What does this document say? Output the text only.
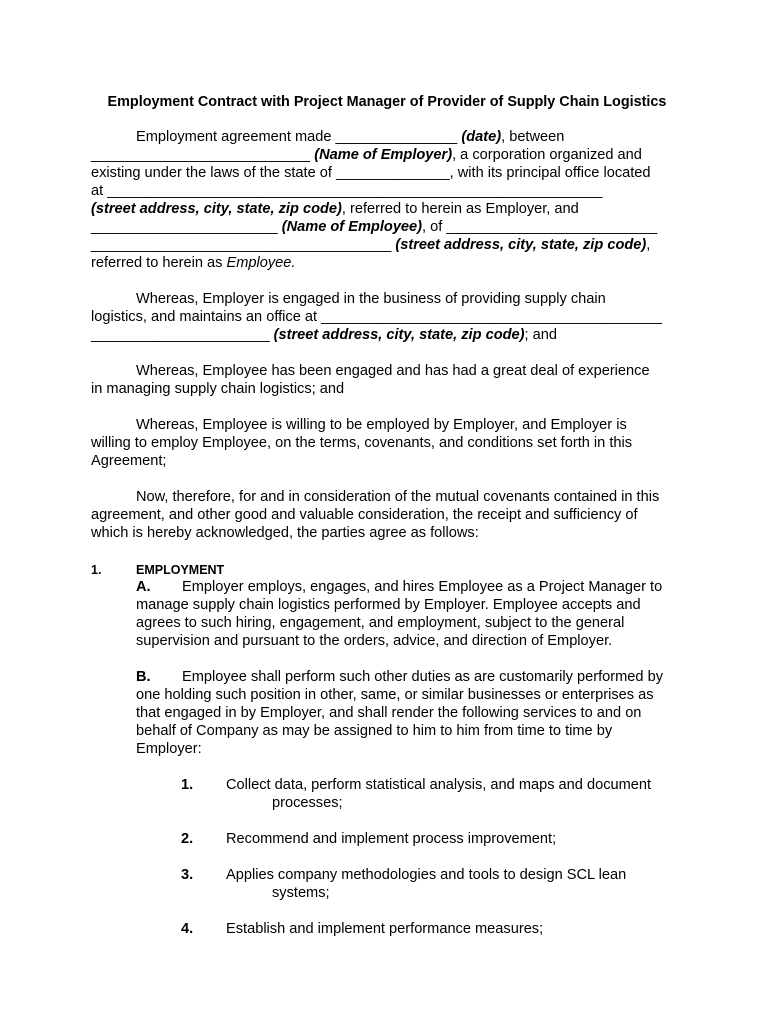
Employment Contract with Project Manager of Provider of Supply Chain Logistics
Employment agreement made _______________ (date), between
___________________________ (Name of Employer), a corporation organized and
existing under the laws of the state of ______________, with its principal office located
at _____________________________________________________________
(street address, city, state, zip code), referred to herein as Employer, and
_______________________ (Name of Employee), of __________________________
_____________________________________ (street address, city, state, zip code),
referred to herein as Employee.
Whereas, Employer is engaged in the business of providing supply chain
logistics, and maintains an office at __________________________________________
______________________ (street address, city, state, zip code); and
Whereas, Employee has been engaged and has had a great deal of experience
in managing supply chain logistics; and
Whereas, Employee is willing to be employed by Employer, and Employer is
willing to employ Employee, on the terms, covenants, and conditions set forth in this
Agreement;
Now, therefore, for and in consideration of the mutual covenants contained in this
agreement, and other good and valuable consideration, the receipt and sufficiency of
which is hereby acknowledged, the parties agree as follows:
1.	EMPLOYMENT
A. Employer employs, engages, and hires Employee as a Project Manager to
manage supply chain logistics performed by Employer. Employee accepts and
agrees to such hiring, engagement, and employment, subject to the general
supervision and pursuant to the orders, advice, and direction of Employer.
B. Employee shall perform such other duties as are customarily performed by
one holding such position in other, same, or similar businesses or enterprises as
that engaged in by Employer, and shall render the following services to and on
behalf of Company as may be assigned to him to him from time to time by
Employer:
1. Collect data, perform statistical analysis, and maps and document
processes;
2. Recommend and implement process improvement;
3. Applies company methodologies and tools to design SCL lean
systems;
4. Establish and implement performance measures;
